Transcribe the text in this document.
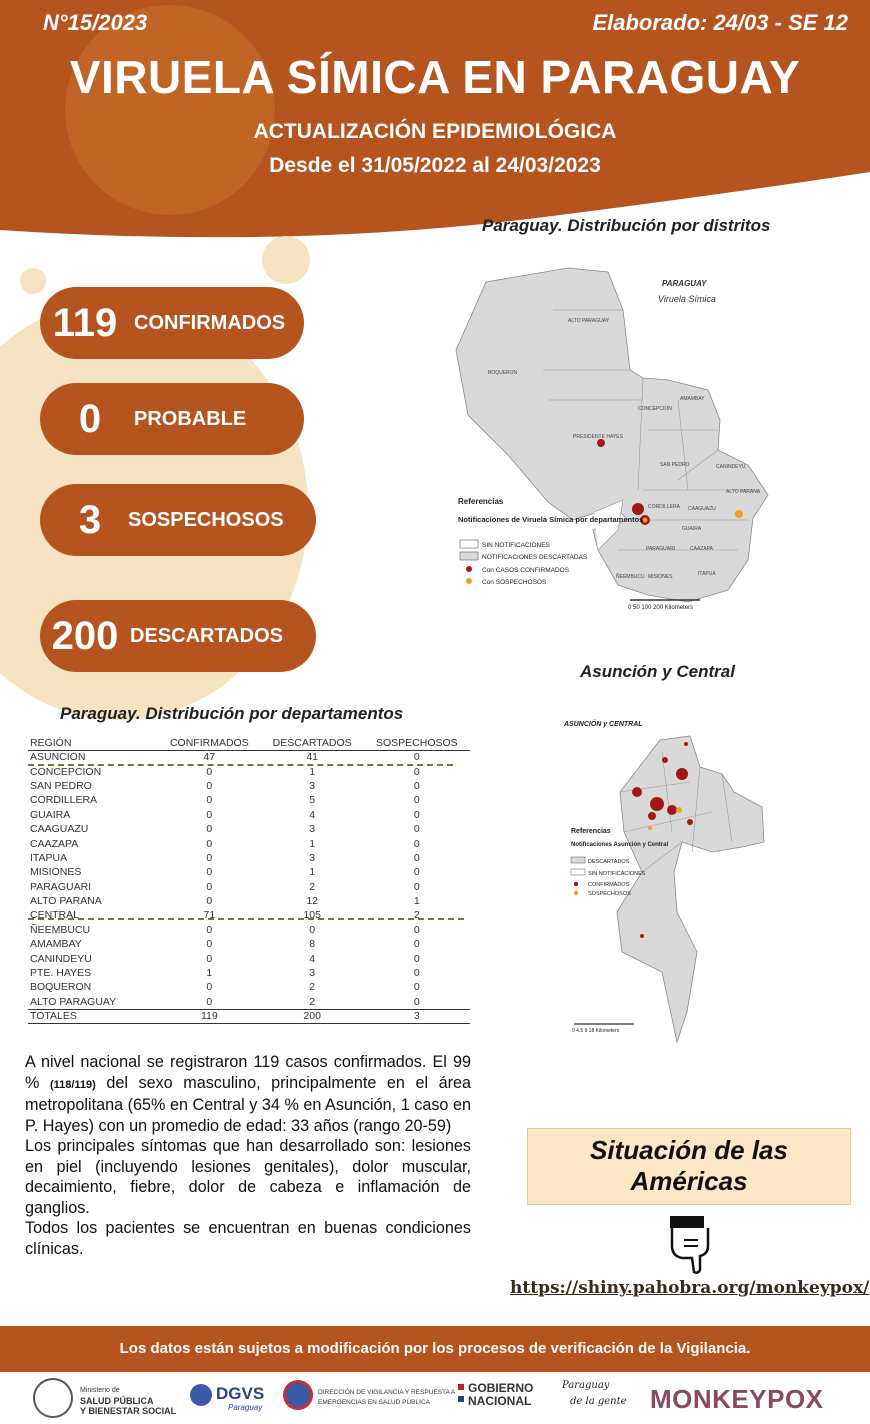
N°15/2023	Elaborado: 24/03 - SE 12
VIRUELA SÍMICA EN PARAGUAY
ACTUALIZACIÓN EPIDEMIOLÓGICA
Desde el 31/05/2022 al 24/03/2023
119 CONFIRMADOS
0	PROBABLE
3	SOSPECHOSOS
200 DESCARTADOS
Paraguay. Distribución por distritos
PARAGUAY
Viruela Símica
ALTO PARAGUAY
BOQUERON
PRESIDENTE HAYES
CONCEPCION
AMAMBAY
SAN PEDRO	CANINDEYU
ALTO PARANA
CAAGUAZU
CORDILLERA
GUAIRA
CAAZAPA
PARAGUARI
ITAPUA
MISIONES
ÑEEMBUCU
Referencias
Notificaciones de Viruela Símica por departamentos
SIN NOTIFICACIONES
NOTIFICACIONES DESCARTADAS
Con CASOS CONFIRMADOS
Con SOSPECHOSOS
0 50 100 200 Kilometers
Asunción y Central
ASUNCIÓN y CENTRAL
Referencias
Notificaciones Asunción y Central
DESCARTADOS
SIN NOTIFICACIONES
CONFIRMADOS
SOSPECHOSOS
0 4.5 9 18 Kilometers
Paraguay. Distribución por departamentos
REGIÓN	CONFIRMADOS	DESCARTADOS	SOSPECHOSOS
ASUNCION	47	41	0
CONCEPCION	0	1	0
SAN PEDRO	0	3	0
CORDILLERA	0	5	0
GUAIRA	0	4	0
CAAGUAZU	0	3	0
CAAZAPA	0	1	0
ITAPUA	0	3	0
MISIONES	0	1	0
PARAGUARI	0	2	0
ALTO PARANA	0	12	1
CENTRAL	71	105	2
ÑEEMBUCU	0	0	0
AMAMBAY	0	8	0
CANINDEYU	0	4	0
PTE. HAYES	1	3	0
BOQUERON	0	2	0
ALTO PARAGUAY	0	2	0
TOTALES	119	200	3

A nivel nacional se registraron 119 casos confirmados. El 99 % (118/119) del sexo masculino, principalmente en el área metropolitana (65% en Central y 34 % en Asunción, 1 caso en P. Hayes) con un promedio de edad: 33 años (rango 20-59)

Los principales síntomas que han desarrollado son: lesiones en piel (incluyendo lesiones genitales), dolor muscular, decaimiento, fiebre, dolor de cabeza e inflamación de ganglios.

Todos los pacientes se encuentran en buenas condiciones clínicas.

Situación de las
Américas
https://shiny.pahobra.org/monkeypox/
Los datos están sujetos a modificación por los procesos de verificación de la Vigilancia.
Ministerio de
SALUD PÚBLICA
Y BIENESTAR SOCIAL
DGVS
Paraguay
DIRECCIÓN DE VIGILANCIA Y RESPUESTA A
EMERGENCIAS EN SALUD PÚBLICA
GOBIERNO
NACIONAL
Paraguay
de la gente MONKEYPOX
